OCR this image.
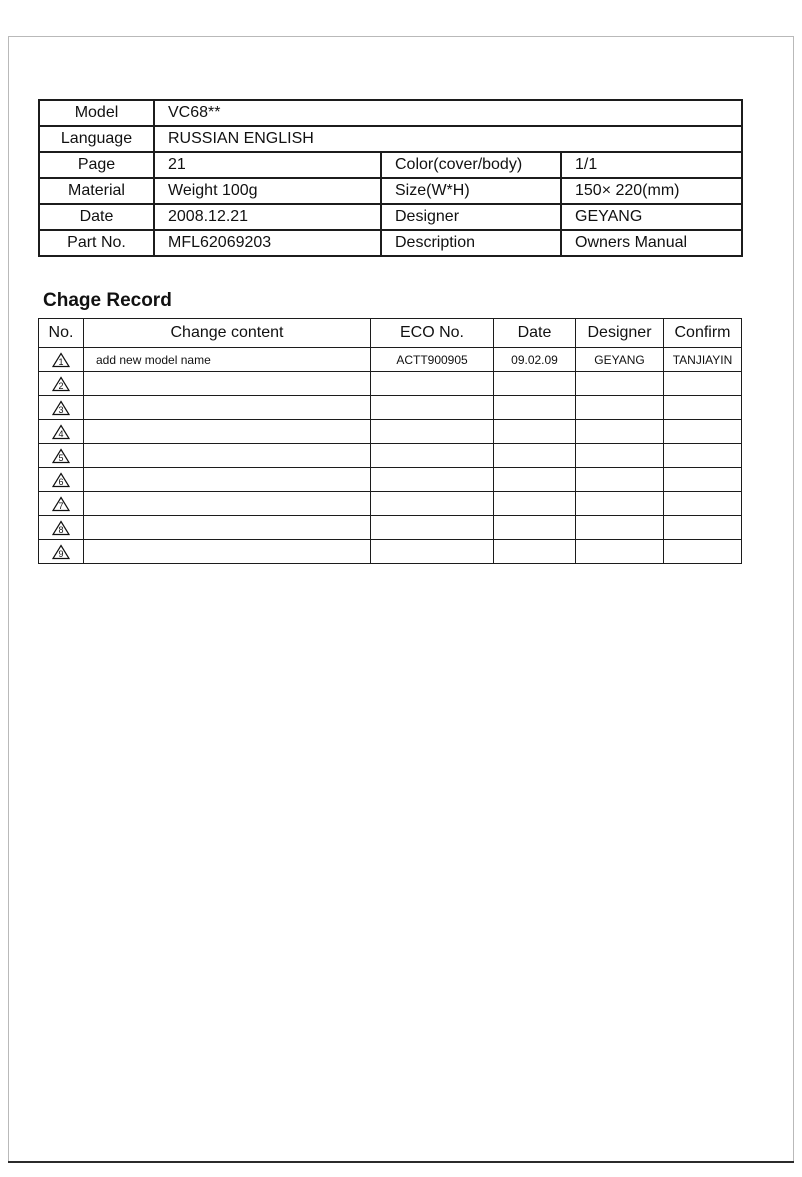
Model	VC68**		
Language	RUSSIAN ENGLISH		
Page	21	Color(cover/body)	1/1
Material	Weight 100g	Size(W*H)	150× 220(mm)
Date	2008.12.21	Designer	GEYANG
Part No.	MFL62069203	Description	Owners Manual
Chage Record
No.	Change content	ECO No.	Date	Designer	Confirm

1	add new model name	ACTT900905	09.02.09	GEYANG	TANJIAYIN

2					

3					

4					

5					

6					

7					

8					

9					
